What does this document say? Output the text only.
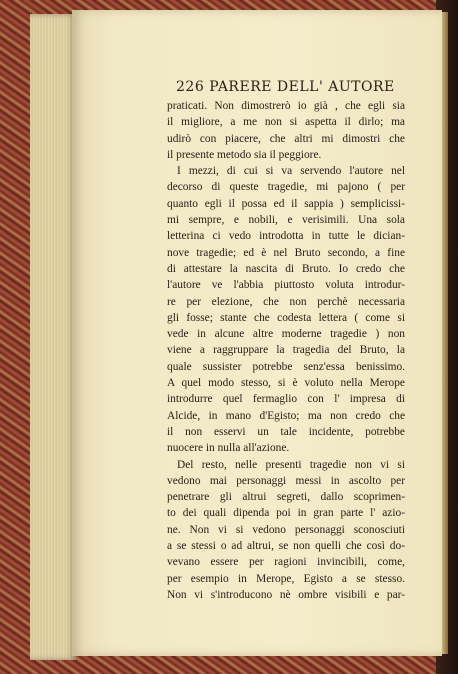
226 PARERE DELL' AUTORE
praticati. Non dimostrerò io già , che egli sia
il migliore, a me non si aspetta il dirlo; ma
udirò con piacere, che altri mi dimostri che
il presente metodo sia il peggiore.
I mezzi, di cui si va servendo l'autore nel
decorso di queste tragedie, mi pajono ( per
quanto egli il possa ed il sappia ) semplicissi-
mi sempre, e nobili, e verisimili. Una sola
letterina ci vedo introdotta in tutte le dician-
nove tragedie; ed è nel Bruto secondo, a fine
di attestare la nascita di Bruto. Io credo che
l'autore ve l'abbia piuttosto voluta introdur-
re per elezione, che non perchè necessaria
gli fosse; stante che codesta lettera ( come si
vede in alcune altre moderne tragedie ) non
viene a raggruppare la tragedia del Bruto, la
quale sussister potrebbe senz'essa benissimo.
A quel modo stesso, si è voluto nella Merope
introdurre quel fermaglio con l' impresa di
Alcide, in mano d'Egisto; ma non credo che
il non esservi un tale incidente, potrebbe
nuocere in nulla all'azione.
Del resto, nelle presenti tragedie non vi si
vedono mai personaggi messi in ascolto per
penetrare gli altrui segreti, dallo scoprimen-
to dei quali dipenda poi in gran parte l' azio-
ne. Non vi si vedono personaggi sconosciuti
a se stessi o ad altrui, se non quelli che così do-
vevano essere per ragioni invincibili, come,
per esempio in Merope, Egisto a se stesso.
Non vi s'introducono nè ombre visibili e par-
